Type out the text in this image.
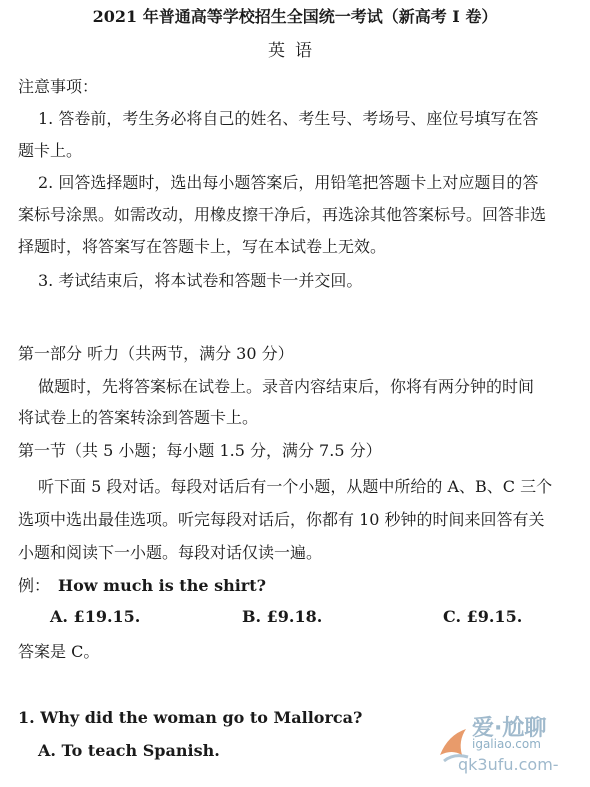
2021 年普通高等学校招生全国统一考试（新高考 I 卷）
英语
注意事项：
1. 答卷前，考生务必将自己的姓名、考生号、考场号、座位号填写在答
题卡上。
2. 回答选择题时，选出每小题答案后，用铅笔把答题卡上对应题目的答
案标号涂黑。如需改动，用橡皮擦干净后，再选涂其他答案标号。回答非选
择题时，将答案写在答题卡上，写在本试卷上无效。
3. 考试结束后，将本试卷和答题卡一并交回。
第一部分 听力（共两节，满分 30 分）
做题时，先将答案标在试卷上。录音内容结束后，你将有两分钟的时间
将试卷上的答案转涂到答题卡上。
第一节（共 5 小题；每小题 1.5 分，满分 7.5 分）
听下面 5 段对话。每段对话后有一个小题，从题中所给的 A、B、C 三个
选项中选出最佳选项。听完每段对话后，你都有 10 秒钟的时间来回答有关
小题和阅读下一小题。每段对话仅读一遍。
例： How much is the shirt?
A. £19.15.	B. £9.18.	C. £9.15.
答案是 C。
1. Why did the woman go to Mallorca?
A. To teach Spanish.
爱·尬聊
igaliao.com
qk3ufu.com-
